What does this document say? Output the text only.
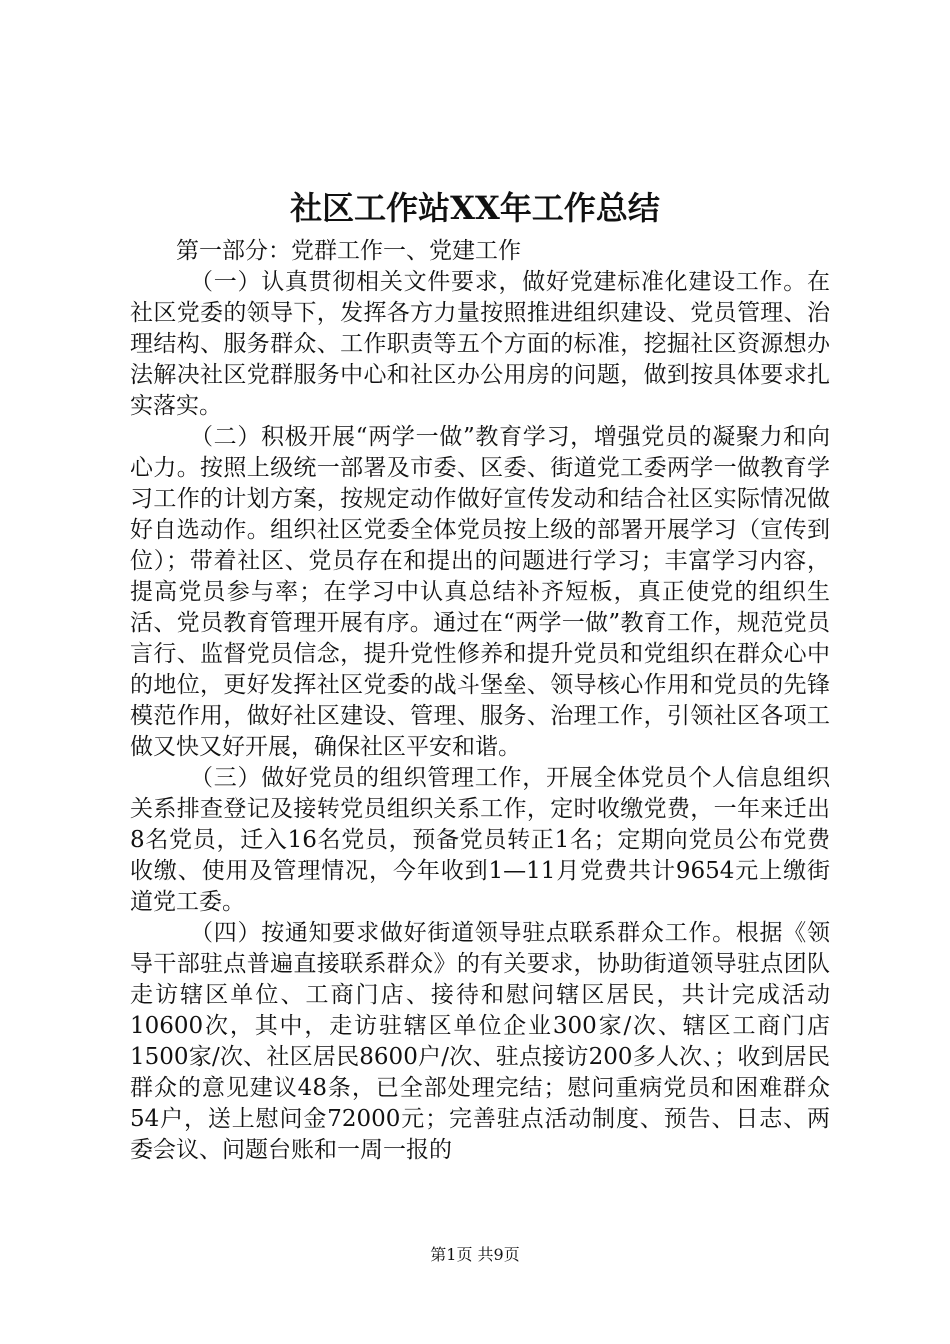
社区工作站XX年工作总结

第一部分：党群工作一、党建工作

（一）认真贯彻相关文件要求，做好党建标准化建设工作。在社区党委的领导下，发挥各方力量按照推进组织建设、党员管理、治理结构、服务群众、工作职责等五个方面的标准，挖掘社区资源想办法解决社区党群服务中心和社区办公用房的问题，做到按具体要求扎实落实。

（二）积极开展“两学一做”教育学习，增强党员的凝聚力和向心力。按照上级统一部署及市委、区委、街道党工委两学一做教育学习工作的计划方案，按规定动作做好宣传发动和结合社区实际情况做好自选动作。组织社区党委全体党员按上级的部署开展学习（宣传到位）；带着社区、党员存在和提出的问题进行学习；丰富学习内容，提高党员参与率；在学习中认真总结补齐短板，真正使党的组织生活、党员教育管理开展有序。通过在“两学一做”教育工作，规范党员言行、监督党员信念，提升党性修养和提升党员和党组织在群众心中的地位，更好发挥社区党委的战斗堡垒、领导核心作用和党员的先锋模范作用，做好社区建设、管理、服务、治理工作，引领社区各项工做又快又好开展，确保社区平安和谐。

（三）做好党员的组织管理工作，开展全体党员个人信息组织关系排查登记及接转党员组织关系工作，定时收缴党费，一年来迁出8名党员，迁入16名党员，预备党员转正1名；定期向党员公布党费收缴、使用及管理情况，今年收到1—11月党费共计9654元上缴街道党工委。

（四）按通知要求做好街道领导驻点联系群众工作。根据《领导干部驻点普遍直接联系群众》的有关要求，协助街道领导驻点团队走访辖区单位、工商门店、接待和慰问辖区居民，共计完成活动10600次，其中，走访驻辖区单位企业300家/次、辖区工商门店1500家/次、社区居民8600户/次、驻点接访200多人次、；收到居民群众的意见建议48条，已全部处理完结；慰问重病党员和困难群众54户，送上慰问金72000元；完善驻点活动制度、预告、日志、两委会议、问题台账和一周一报的

第1页 共9页
